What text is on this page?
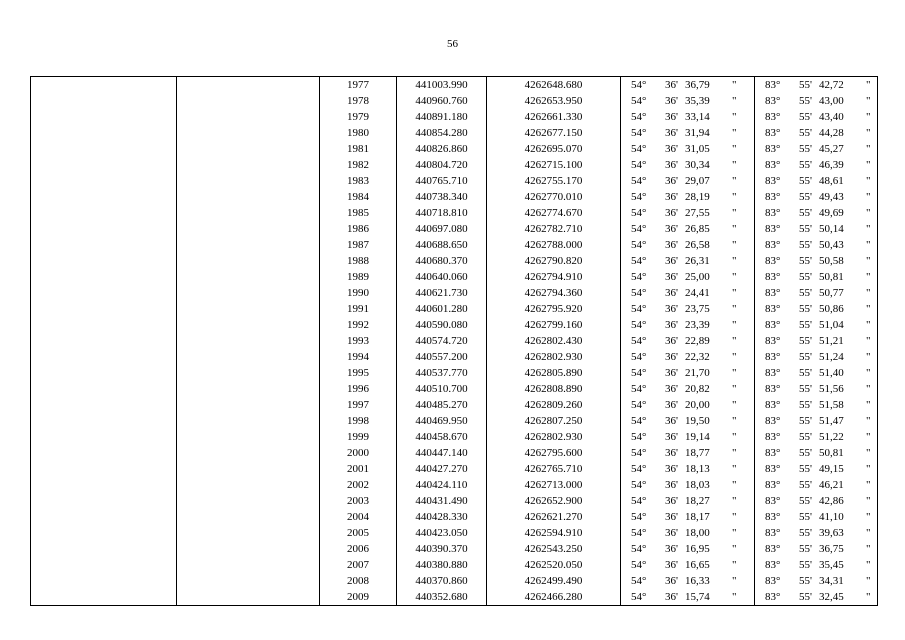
56
		1977	441003.990	4262648.680	54° 36' 36,79 "	83° 55' 42,72 "

		1978	440960.760	4262653.950	54° 36' 35,39 "	83° 55' 43,00 "

		1979	440891.180	4262661.330	54° 36' 33,14 "	83° 55' 43,40 "

		1980	440854.280	4262677.150	54° 36' 31,94 "	83° 55' 44,28 "

		1981	440826.860	4262695.070	54° 36' 31,05 "	83° 55' 45,27 "

		1982	440804.720	4262715.100	54° 36' 30,34 "	83° 55' 46,39 "

		1983	440765.710	4262755.170	54° 36' 29,07 "	83° 55' 48,61 "

		1984	440738.340	4262770.010	54° 36' 28,19 "	83° 55' 49,43 "

		1985	440718.810	4262774.670	54° 36' 27,55 "	83° 55' 49,69 "

		1986	440697.080	4262782.710	54° 36' 26,85 "	83° 55' 50,14 "

		1987	440688.650	4262788.000	54° 36' 26,58 "	83° 55' 50,43 "

		1988	440680.370	4262790.820	54° 36' 26,31 "	83° 55' 50,58 "

		1989	440640.060	4262794.910	54° 36' 25,00 "	83° 55' 50,81 "

		1990	440621.730	4262794.360	54° 36' 24,41 "	83° 55' 50,77 "

		1991	440601.280	4262795.920	54° 36' 23,75 "	83° 55' 50,86 "

		1992	440590.080	4262799.160	54° 36' 23,39 "	83° 55' 51,04 "

		1993	440574.720	4262802.430	54° 36' 22,89 "	83° 55' 51,21 "

		1994	440557.200	4262802.930	54° 36' 22,32 "	83° 55' 51,24 "

		1995	440537.770	4262805.890	54° 36' 21,70 "	83° 55' 51,40 "

		1996	440510.700	4262808.890	54° 36' 20,82 "	83° 55' 51,56 "

		1997	440485.270	4262809.260	54° 36' 20,00 "	83° 55' 51,58 "

		1998	440469.950	4262807.250	54° 36' 19,50 "	83° 55' 51,47 "

		1999	440458.670	4262802.930	54° 36' 19,14 "	83° 55' 51,22 "

		2000	440447.140	4262795.600	54° 36' 18,77 "	83° 55' 50,81 "

		2001	440427.270	4262765.710	54° 36' 18,13 "	83° 55' 49,15 "

		2002	440424.110	4262713.000	54° 36' 18,03 "	83° 55' 46,21 "

		2003	440431.490	4262652.900	54° 36' 18,27 "	83° 55' 42,86 "

		2004	440428.330	4262621.270	54° 36' 18,17 "	83° 55' 41,10 "

		2005	440423.050	4262594.910	54° 36' 18,00 "	83° 55' 39,63 "

		2006	440390.370	4262543.250	54° 36' 16,95 "	83° 55' 36,75 "

		2007	440380.880	4262520.050	54° 36' 16,65 "	83° 55' 35,45 "

		2008	440370.860	4262499.490	54° 36' 16,33 "	83° 55' 34,31 "

		2009	440352.680	4262466.280	54° 36' 15,74 "	83° 55' 32,45 "
